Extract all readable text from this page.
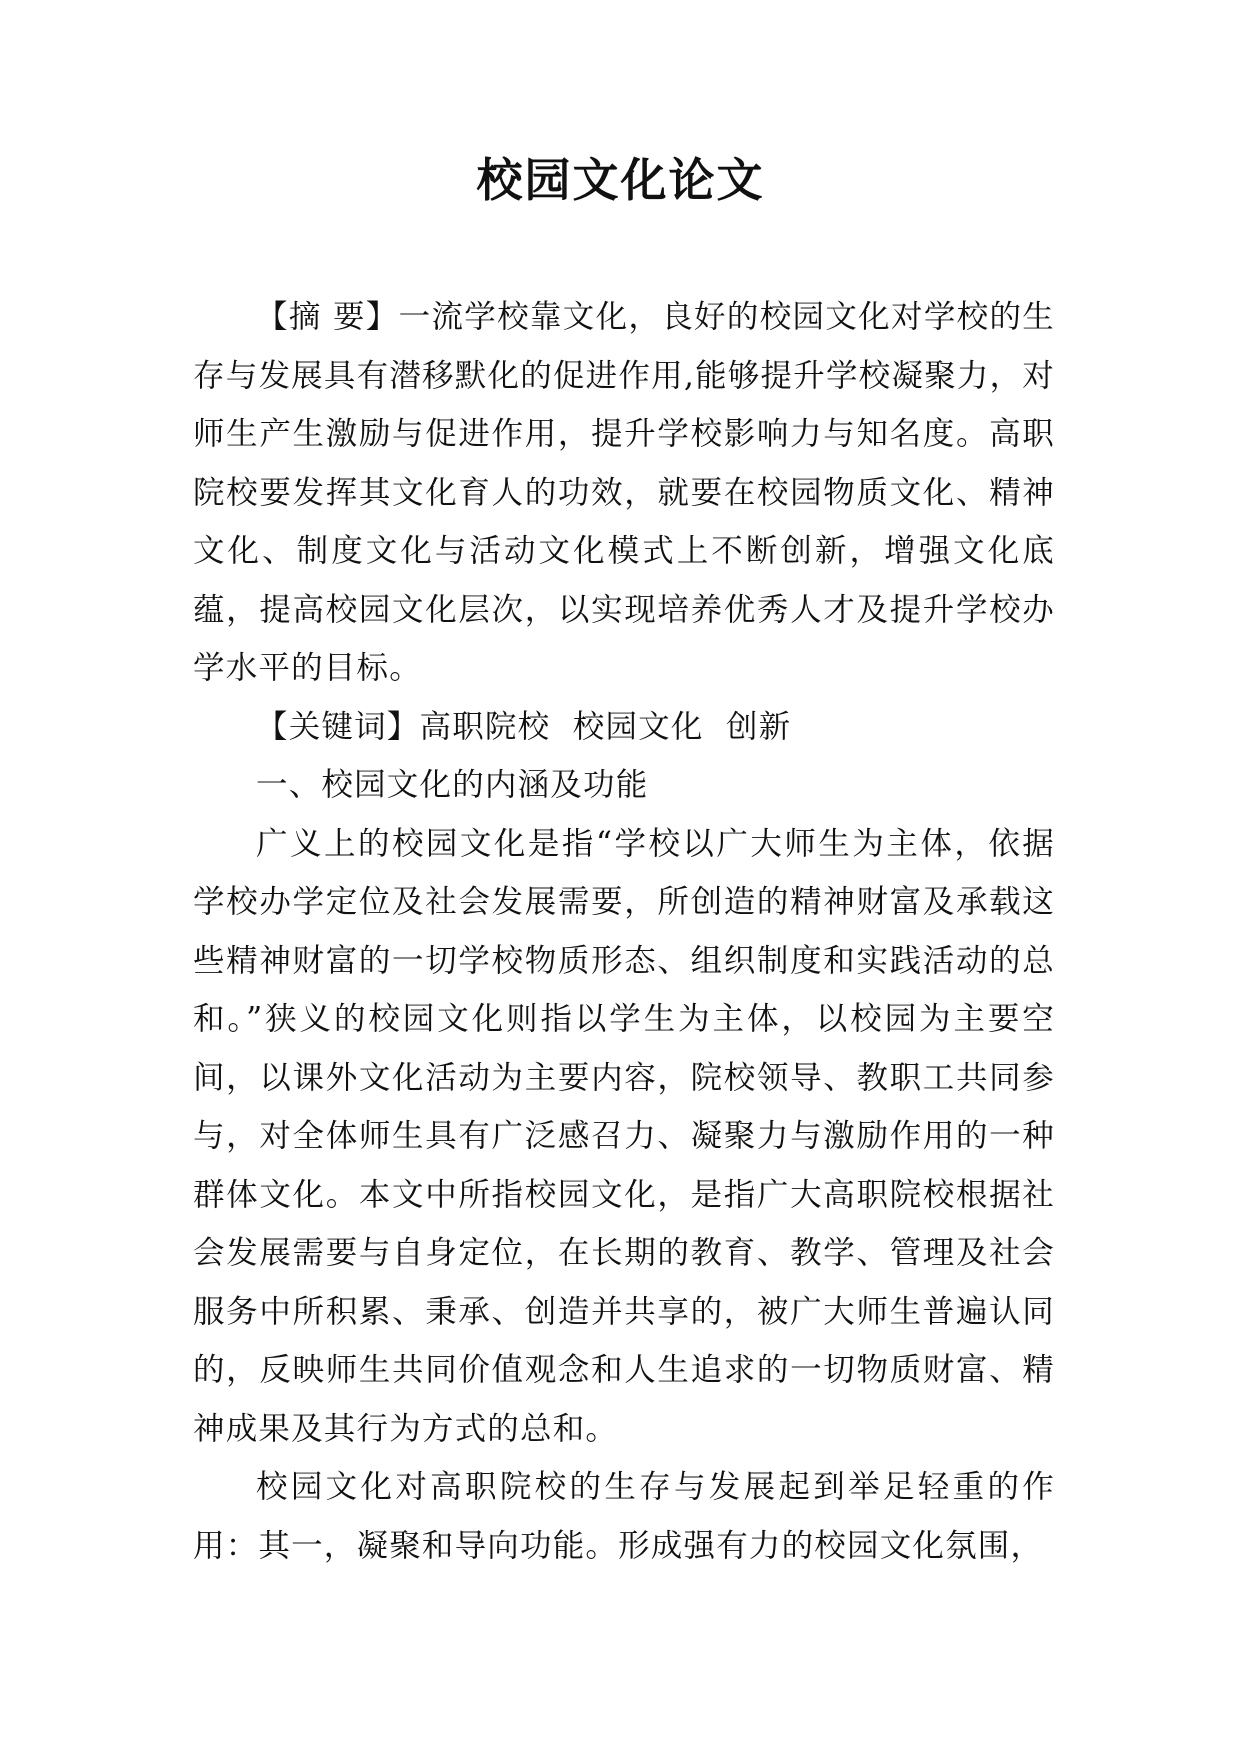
校园文化论文

【摘 要】一流学校靠文化，良好的校园文化对学校的生存与发展具有潜移默化的促进作用,能够提升学校凝聚力，对师生产生激励与促进作用，提升学校影响力与知名度。高职院校要发挥其文化育人的功效，就要在校园物质文化、精神文化、制度文化与活动文化模式上不断创新，增强文化底蕴，提高校园文化层次，以实现培养优秀人才及提升学校办学水平的目标。

【关键词】高职院校  校园文化  创新

一、校园文化的内涵及功能

广义上的校园文化是指“学校以广大师生为主体，依据学校办学定位及社会发展需要，所创造的精神财富及承载这些精神财富的一切学校物质形态、组织制度和实践活动的总和。”狭义的校园文化则指以学生为主体，以校园为主要空间，以课外文化活动为主要内容，院校领导、教职工共同参与，对全体师生具有广泛感召力、凝聚力与激励作用的一种群体文化。本文中所指校园文化，是指广大高职院校根据社会发展需要与自身定位，在长期的教育、教学、管理及社会服务中所积累、秉承、创造并共享的，被广大师生普遍认同的，反映师生共同价值观念和人生追求的一切物质财富、精神成果及其行为方式的总和。

校园文化对高职院校的生存与发展起到举足轻重的作用：其一，凝聚和导向功能。形成强有力的校园文化氛围，
